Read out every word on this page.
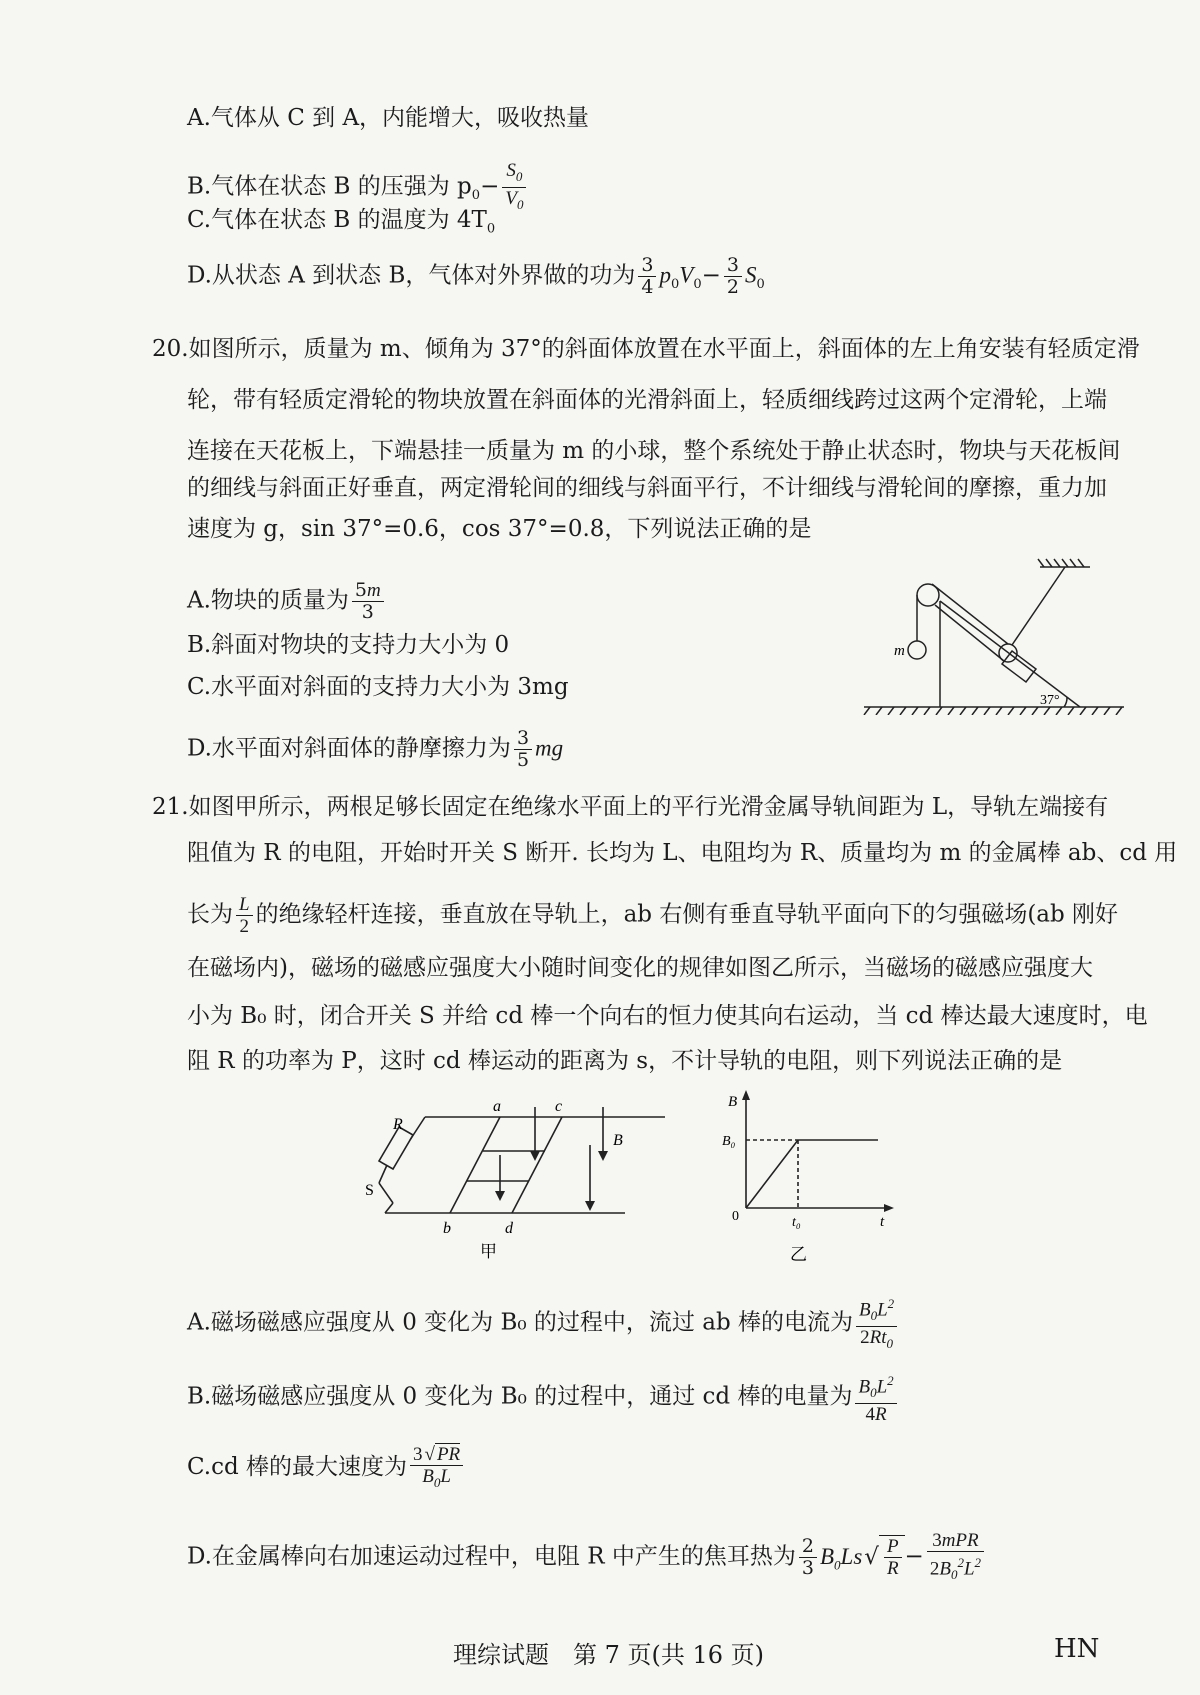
A.气体从 C 到 A，内能增大，吸收热量
B.气体在状态 B 的压强为 $p_0- \frac{S_0}{V_0}$
C.气体在状态 B 的温度为 $4T_0$
D.从状态 A 到状态 B，气体对外界做的功为 $\frac{3}{4} p_0V_0- \frac{3}{2} S_0$
20.如图所示，质量为 m、倾角为 37°的斜面体放置在水平面上，斜面体的左上角安装有轻质定滑
轮，带有轻质定滑轮的物块放置在斜面体的光滑斜面上，轻质细线跨过这两个定滑轮，上端
连接在天花板上，下端悬挂一质量为 m 的小球，整个系统处于静止状态时，物块与天花板间
的细线与斜面正好垂直，两定滑轮间的细线与斜面平行，不计细线与滑轮间的摩擦，重力加
速度为 g，sin 37°=0.6，cos 37°=0.8，下列说法正确的是
A.物块的质量为 $\frac{5m}{3}$
B.斜面对物块的支持力大小为 0
C.水平面对斜面的支持力大小为 3mg
D.水平面对斜面体的静摩擦力为 $\frac{3}{5}$ mg
m
37°
21.如图甲所示，两根足够长固定在绝缘水平面上的平行光滑金属导轨间距为 L，导轨左端接有
阻值为 R 的电阻，开始时开关 S 断开. 长均为 L、电阻均为 R、质量均为 m 的金属棒 ab、cd 用
长为 $\frac{L}{2}$ 的绝缘轻杆连接，垂直放在导轨上，ab 右侧有垂直导轨平面向下的匀强磁场(ab 刚好
在磁场内)，磁场的磁感应强度大小随时间变化的规律如图乙所示，当磁场的磁感应强度大
小为 B₀ 时，闭合开关 S 并给 cd 棒一个向右的恒力使其向右运动，当 cd 棒达最大速度时，电
阻 R 的功率为 P，这时 cd 棒运动的距离为 s，不计导轨的电阻，则下列说法正确的是
a	c
b	d
R
S
B
甲
B
B₀
0	t₀	t
乙
A.磁场磁感应强度从 0 变化为 B₀ 的过程中，流过 ab 棒的电流为 $\frac{B_0L^2}{2Rt_0}$
B.磁场磁感应强度从 0 变化为 B₀ 的过程中，通过 cd 棒的电量为 $\frac{B_0L^2}{4R}$
C.cd 棒的最大速度为 $\frac{3 √ PR}{B_0L}$
D.在金属棒向右加速运动过程中，电阻 R 中产生的焦耳热为 $\frac{2}{3} B_0Ls√ \frac{P}{R} - \frac{\text{3mPR}}{2B_0^2L^2}$
理综试题　第 7 页(共 16 页)	HN
